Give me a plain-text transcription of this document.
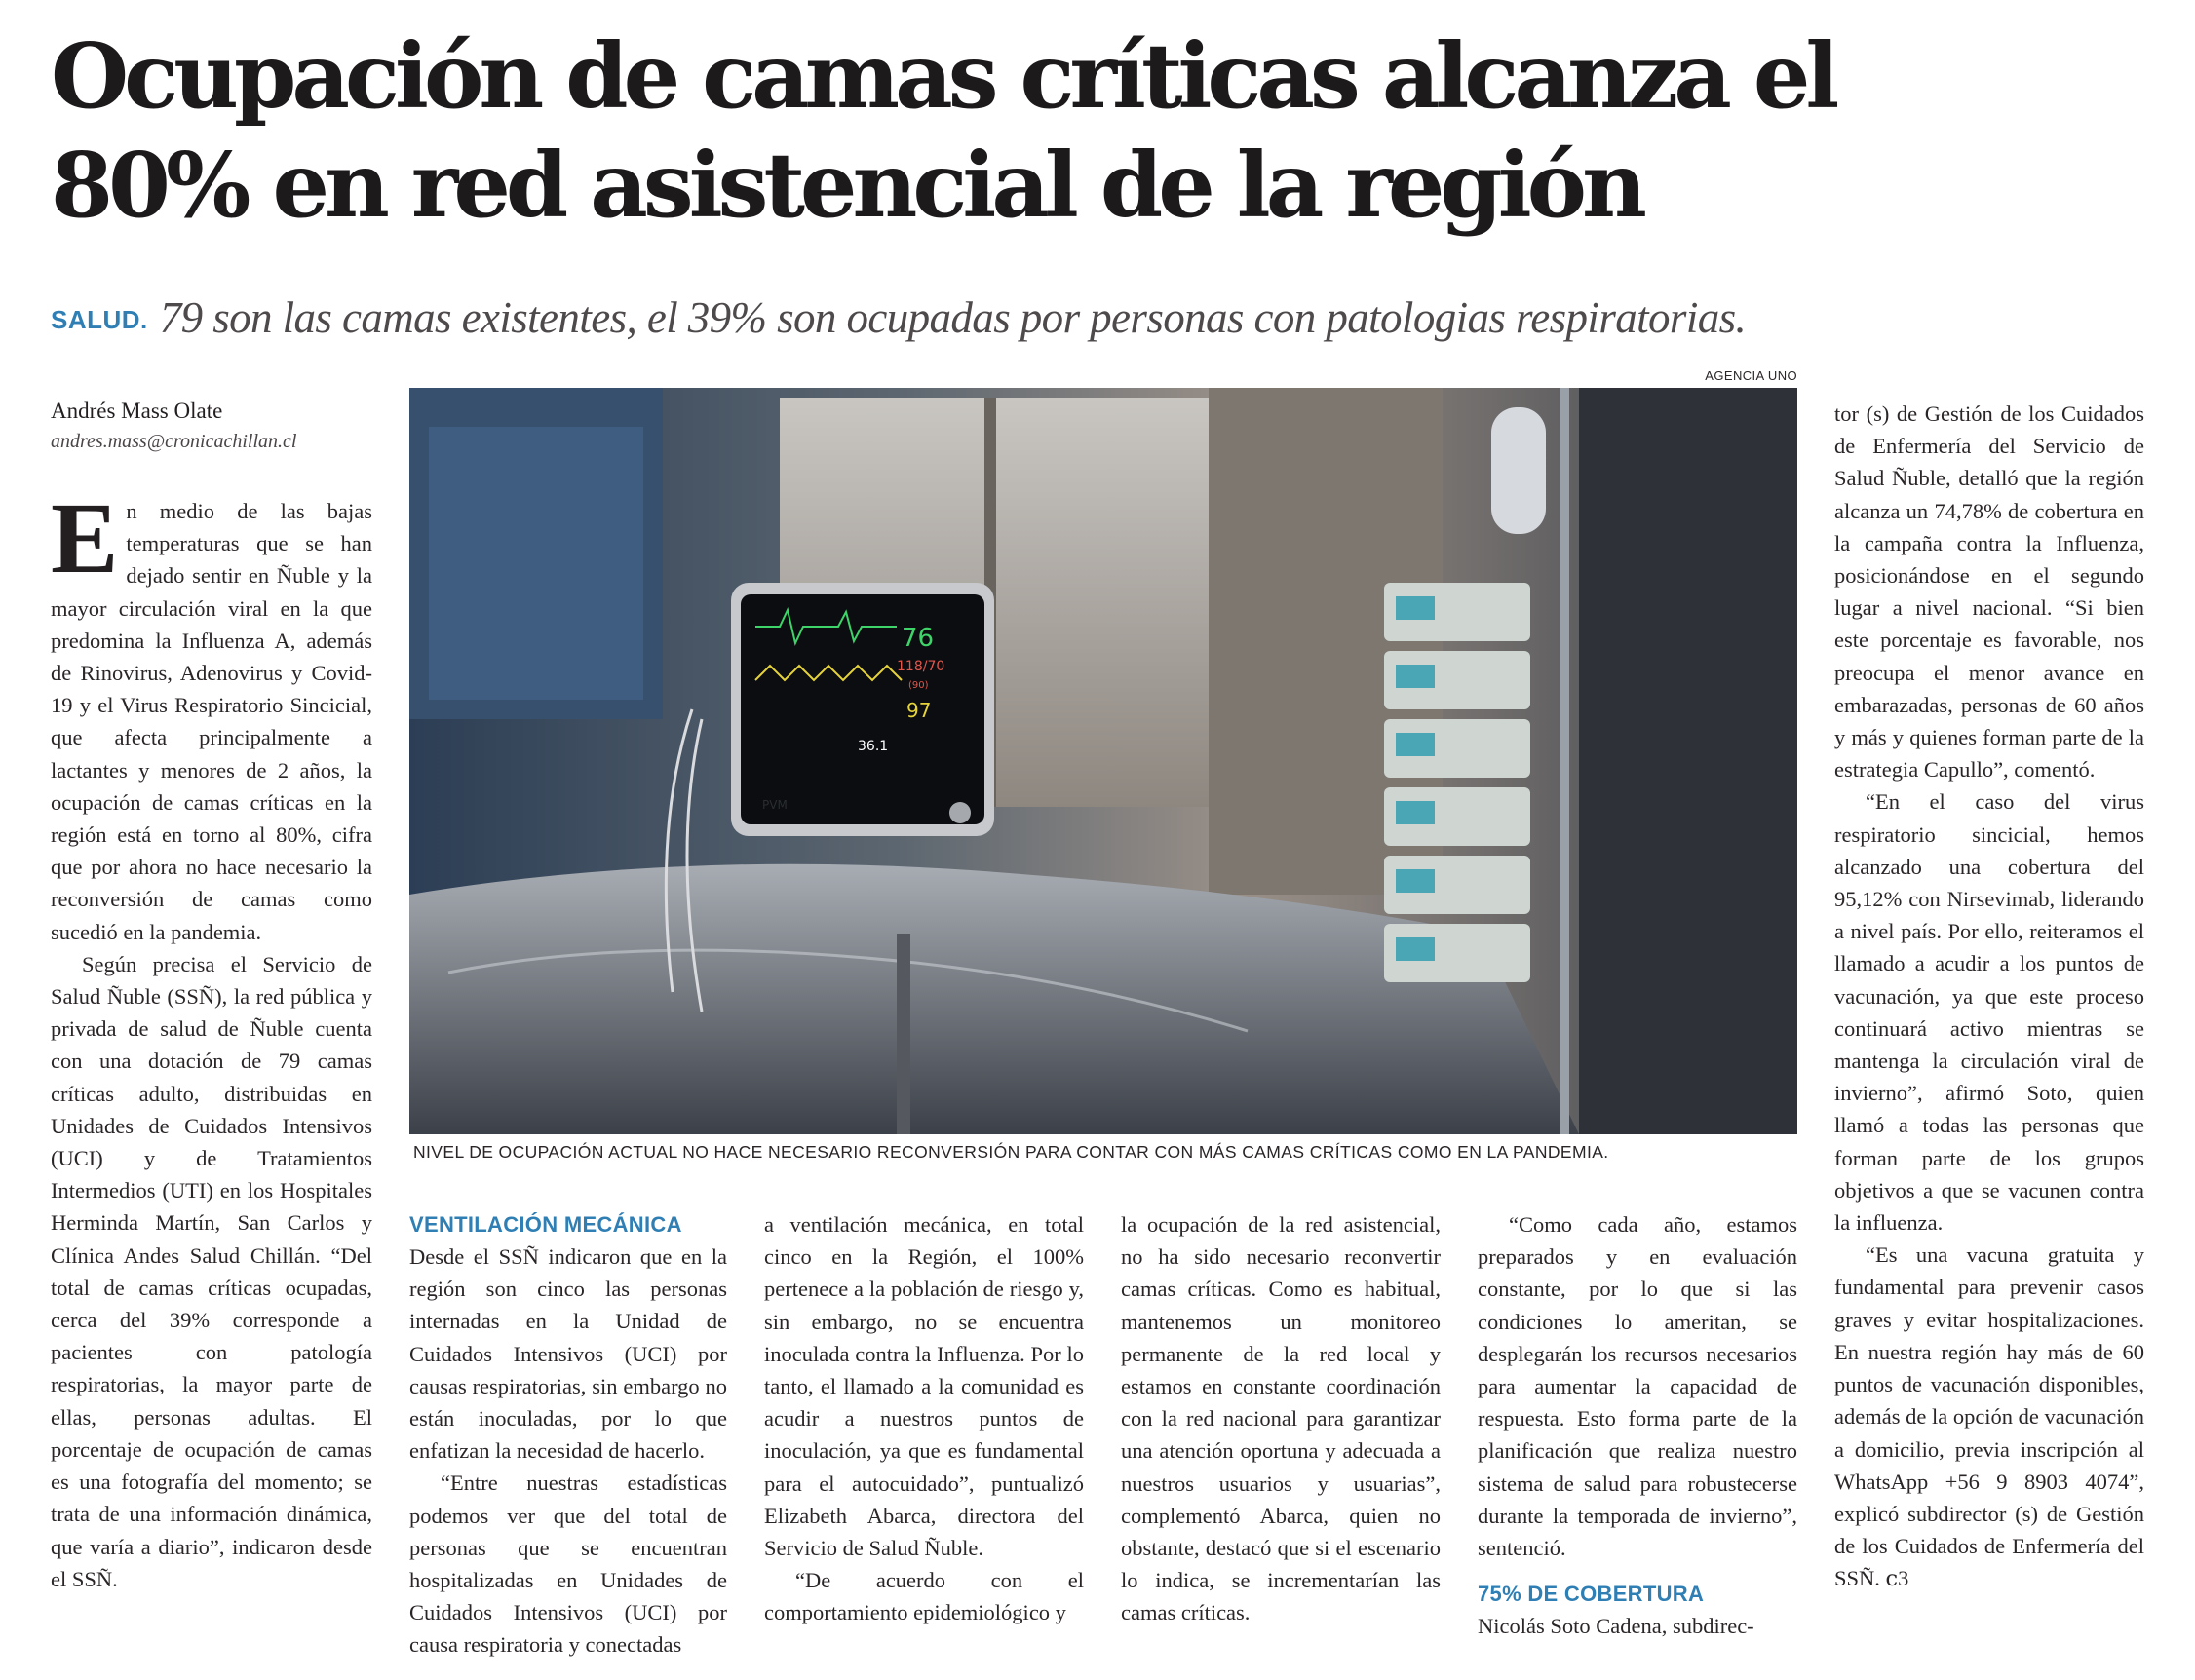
Ocupación de camas críticas alcanza el
80% en red asistencial de la región
SALUD. 79 son las camas existentes, el 39% son ocupadas por personas con patologias respiratorias.
Andrés Mass Olate
andres.mass@cronicachillan.cl

En medio de las bajas temperaturas que se han dejado sentir en Ñuble y la mayor circulación viral en la que predomina la Influenza A, además de Rinovirus, Adenovirus y Covid-19 y el Virus Respiratorio Sincicial, que afecta principalmente a lactantes y menores de 2 años, la ocupación de camas críticas en la región está en torno al 80%, cifra que por ahora no hace necesario la reconversión de camas como sucedió en la pandemia.

Según precisa el Servicio de Salud Ñuble (SSÑ), la red pública y privada de salud de Ñuble cuenta con una dotación de 79 camas críticas adulto, distribuidas en Unidades de Cuidados Intensivos (UCI) y de Tratamientos Intermedios (UTI) en los Hospitales Herminda Martín, San Carlos y Clínica Andes Salud Chillán. “Del total de camas críticas ocupadas, cerca del 39% corresponde a pacientes con patología respiratorias, la mayor parte de ellas, personas adultas. El porcentaje de ocupación de camas es una fotografía del momento; se trata de una información dinámica, que varía a diario”, indicaron desde el SSÑ.

AGENCIA UNO
76
118/70
(90)
97
36.1
PVM
NIVEL DE OCUPACIÓN ACTUAL NO HACE NECESARIO RECONVERSIÓN PARA CONTAR CON MÁS CAMAS CRÍTICAS COMO EN LA PANDEMIA.
VENTILACIÓN MECÁNICA

Desde el SSÑ indicaron que en la región son cinco las personas internadas en la Unidad de Cuidados Intensivos (UCI) por causas respiratorias, sin embargo no están inoculadas, por lo que enfatizan la necesidad de hacerlo.

“Entre nuestras estadísticas podemos ver que del total de personas que se encuentran hospitalizadas en Unidades de Cuidados Intensivos (UCI) por causa respiratoria y conectadas

a ventilación mecánica, en total cinco en la Región, el 100% pertenece a la población de riesgo y, sin embargo, no se encuentra inoculada contra la Influenza. Por lo tanto, el llamado a la comunidad es acudir a nuestros puntos de inoculación, ya que es fundamental para el autocuidado”, puntualizó Elizabeth Abarca, directora del Servicio de Salud Ñuble.

“De acuerdo con el comportamiento epidemiológico y

la ocupación de la red asistencial, no ha sido necesario reconvertir camas críticas. Como es habitual, mantenemos un monitoreo permanente de la red local y estamos en constante coordinación con la red nacional para garantizar una atención oportuna y adecuada a nuestros usuarios y usuarias”, complementó Abarca, quien no obstante, destacó que si el escenario lo indica, se incrementarían las camas críticas.

“Como cada año, estamos preparados y en evaluación constante, por lo que si las condiciones lo ameritan, se desplegarán los recursos necesarios para aumentar la capacidad de respuesta. Esto forma parte de la planificación que realiza nuestro sistema de salud para robustecerse durante la temporada de invierno”, sentenció.

75% DE COBERTURA

Nicolás Soto Cadena, subdirec-

tor (s) de Gestión de los Cuidados de Enfermería del Servicio de Salud Ñuble, detalló que la región alcanza un 74,78% de cobertura en la campaña contra la Influenza, posicionándose en el segundo lugar a nivel nacional. “Si bien este porcentaje es favorable, nos preocupa el menor avance en embarazadas, personas de 60 años y más y quienes forman parte de la estrategia Capullo”, comentó.

“En el caso del virus respiratorio sincicial, hemos alcanzado una cobertura del 95,12% con Nirsevimab, liderando a nivel país. Por ello, reiteramos el llamado a acudir a los puntos de vacunación, ya que este proceso continuará activo mientras se mantenga la circulación viral de invierno”, afirmó Soto, quien llamó a todas las personas que forman parte de los grupos objetivos a que se vacunen contra la influenza.

“Es una vacuna gratuita y fundamental para prevenir casos graves y evitar hospitalizaciones. En nuestra región hay más de 60 puntos de vacunación disponibles, además de la opción de vacunación a domicilio, previa inscripción al WhatsApp +56 9 8903 4074”, explicó subdirector (s) de Gestión de los Cuidados de Enfermería del SSÑ. ⅽ3
